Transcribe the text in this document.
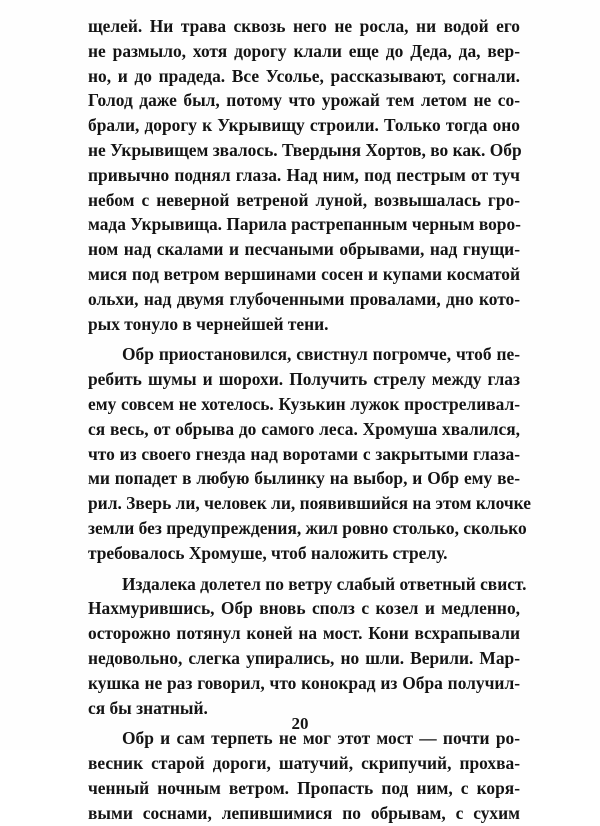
щелей. Ни трава сквозь него не росла, ни водой его
не размыло, хотя дорогу клали еще до Деда, да, вер-
но, и до прадеда. Все Усолье, рассказывают, согнали.
Голод даже был, потому что урожай тем летом не со-
брали, дорогу к Укрывищу строили. Только тогда оно
не Укрывищем звалось. Твердыня Хортов, во как. Обр
привычно поднял глаза. Над ним, под пестрым от туч
небом с неверной ветреной луной, возвышалась гро-
мада Укрывища. Парила растрепанным черным воро-
ном над скалами и песчаными обрывами, над гнущи-
мися под ветром вершинами сосен и купами косматой
ольхи, над двумя глубоченными провалами, дно кото-
рых тонуло в чернейшей тени.
Обр приостановился, свистнул погромче, чтоб пе-
ребить шумы и шорохи. Получить стрелу между глаз
ему совсем не хотелось. Кузькин лужок простреливал-
ся весь, от обрыва до самого леса. Хромуша хвалился,
что из своего гнезда над воротами с закрытыми глаза-
ми попадет в любую былинку на выбор, и Обр ему ве-
рил. Зверь ли, человек ли, появившийся на этом клочке
земли без предупреждения, жил ровно столько, сколько
требовалось Хромуше, чтоб наложить стрелу.
Издалека долетел по ветру слабый ответный свист.
Нахмурившись, Обр вновь сполз с козел и медленно,
осторожно потянул коней на мост. Кони всхрапывали
недовольно, слегка упирались, но шли. Верили. Мар-
кушка не раз говорил, что конокрад из Обра получил-
ся бы знатный.
Обр и сам терпеть не мог этот мост — почти ро-
весник старой дороги, шатучий, скрипучий, прохва-
ченный ночным ветром. Пропасть под ним, с коря-
выми соснами, лепившимися по обрывам, с сухим
20
